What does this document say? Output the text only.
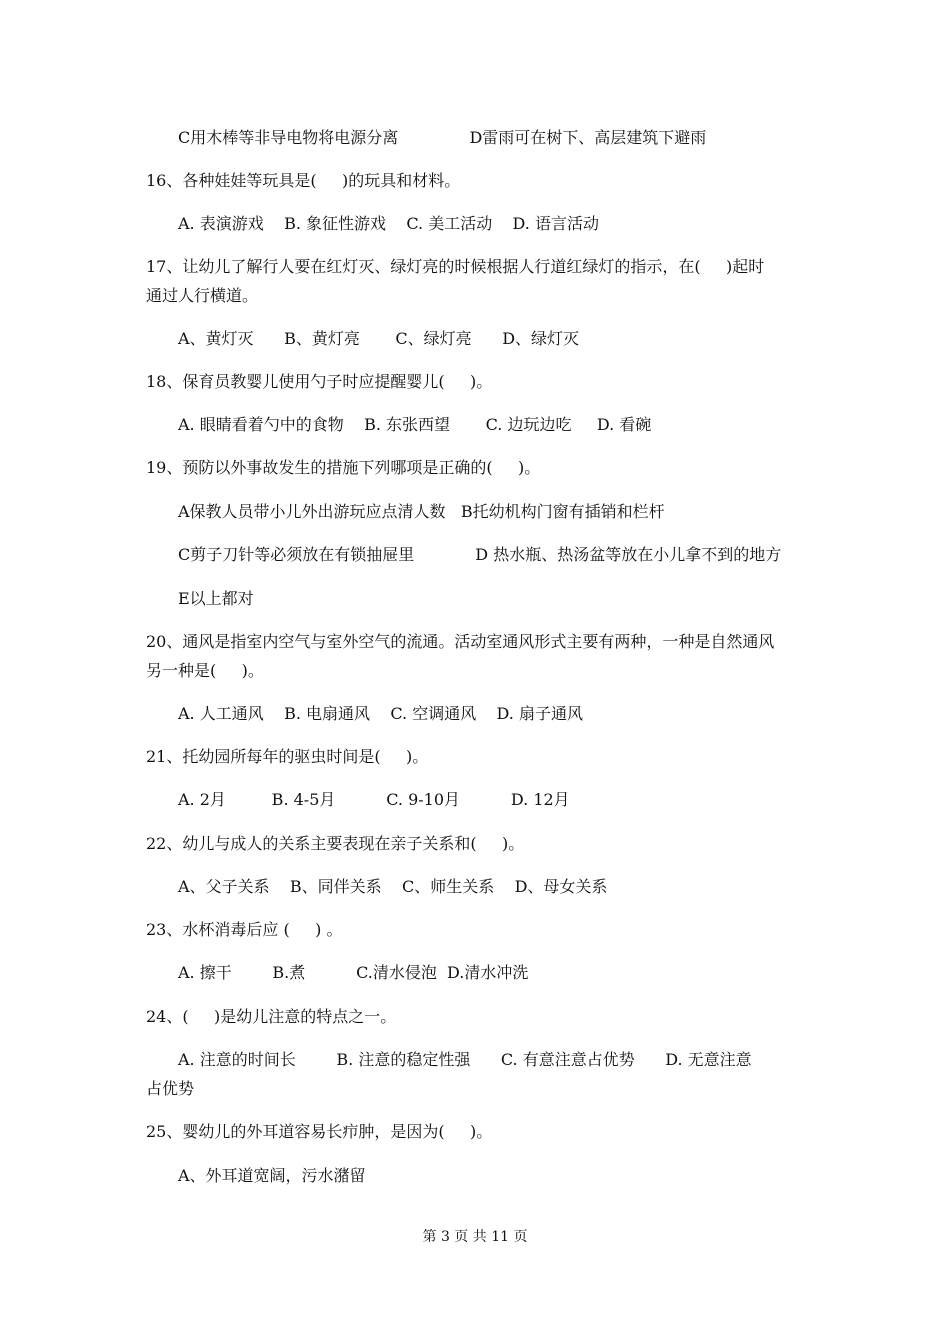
C用木棒等非导电物将电源分离              D雷雨可在树下、高层建筑下避雨
16、各种娃娃等玩具是(     )的玩具和材料。
A. 表演游戏    B. 象征性游戏    C. 美工活动    D. 语言活动
17、让幼儿了解行人要在红灯灭、绿灯亮的时候根据人行道红绿灯的指示，在(     )起时
通过人行横道。
A、黄灯灭      B、黄灯亮       C、绿灯亮      D、绿灯灭
18、保育员教婴儿使用勺子时应提醒婴儿(     )。
A. 眼睛看着勺中的食物    B. 东张西望       C. 边玩边吃     D. 看碗
19、预防以外事故发生的措施下列哪项是正确的(     )。
A保教人员带小儿外出游玩应点清人数   B托幼机构门窗有插销和栏杆
C剪子刀针等必须放在有锁抽屉里            D 热水瓶、热汤盆等放在小儿拿不到的地方
E以上都对
20、通风是指室内空气与室外空气的流通。活动室通风形式主要有两种，一种是自然通风
另一种是(     )。
A. 人工通风    B. 电扇通风    C. 空调通风    D. 扇子通风
21、托幼园所每年的驱虫时间是(     )。
A. 2月         B. 4-5月          C. 9-10月          D. 12月
22、幼儿与成人的关系主要表现在亲子关系和(     )。
A、父子关系    B、同伴关系    C、师生关系    D、母女关系
23、水杯消毒后应 (     ) 。
A. 擦干        B.煮          C.清水侵泡  D.清水冲洗
24、(     )是幼儿注意的特点之一。
A. 注意的时间长        B. 注意的稳定性强      C. 有意注意占优势      D. 无意注意
占优势
25、婴幼儿的外耳道容易长疖肿，是因为(     )。
A、外耳道宽阔，污水潴留
第 3 页 共 11 页
